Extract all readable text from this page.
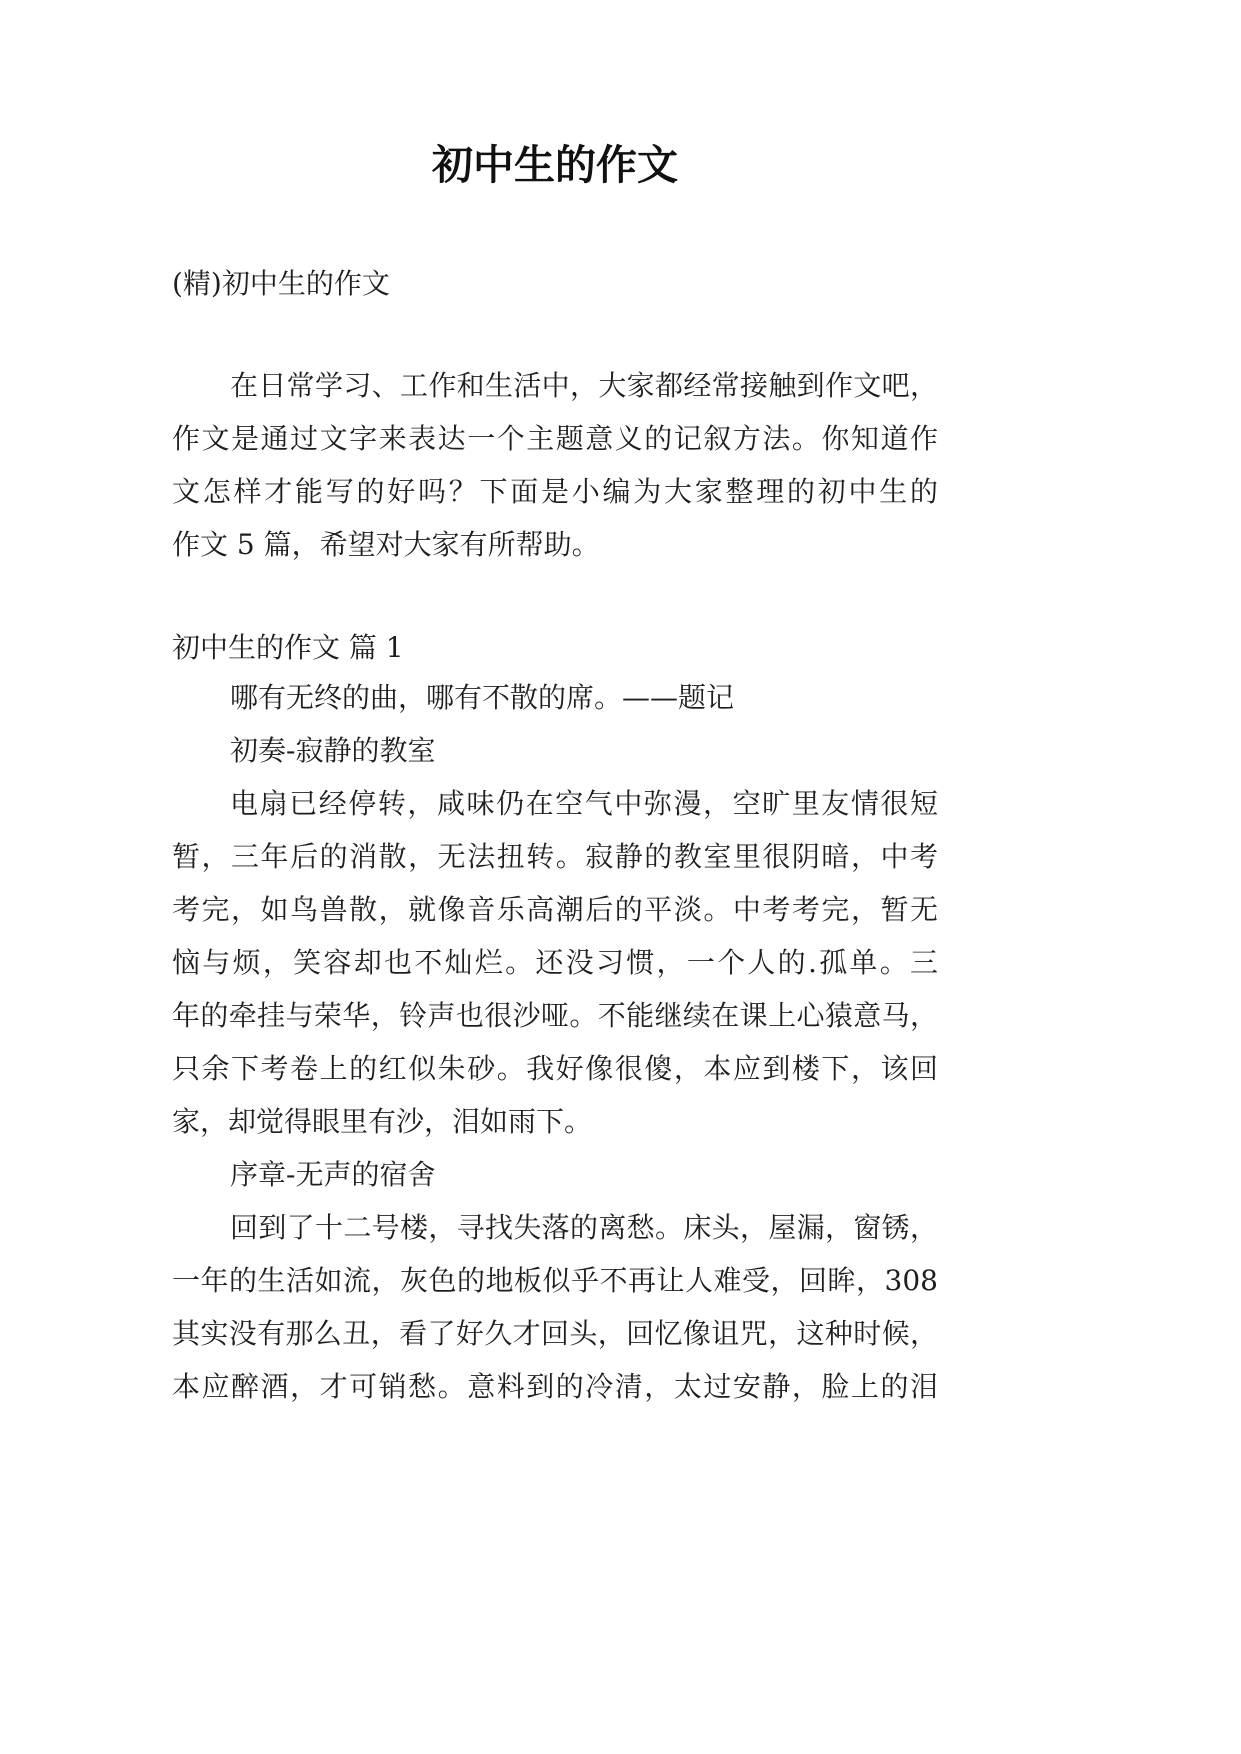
初中生的作文
(精)初中生的作文
在日常学习、工作和生活中，大家都经常接触到作文吧，
作文是通过文字来表达一个主题意义的记叙方法。你知道作
文怎样才能写的好吗？下面是小编为大家整理的初中生的
作文 5 篇，希望对大家有所帮助。
初中生的作文 篇 1
哪有无终的曲，哪有不散的席。——题记
初奏-寂静的教室
电扇已经停转，咸味仍在空气中弥漫，空旷里友情很短
暂，三年后的消散，无法扭转。寂静的教室里很阴暗，中考
考完，如鸟兽散，就像音乐高潮后的平淡。中考考完，暂无
恼与烦，笑容却也不灿烂。还没习惯，一个人的.孤单。三
年的牵挂与荣华，铃声也很沙哑。不能继续在课上心猿意马，
只余下考卷上的红似朱砂。我好像很傻，本应到楼下，该回
家，却觉得眼里有沙，泪如雨下。
序章-无声的宿舍
回到了十二号楼，寻找失落的离愁。床头，屋漏，窗锈，
一年的生活如流，灰色的地板似乎不再让人难受，回眸，308
其实没有那么丑，看了好久才回头，回忆像诅咒，这种时候，
本应醉酒，才可销愁。意料到的冷清，太过安静，脸上的泪
